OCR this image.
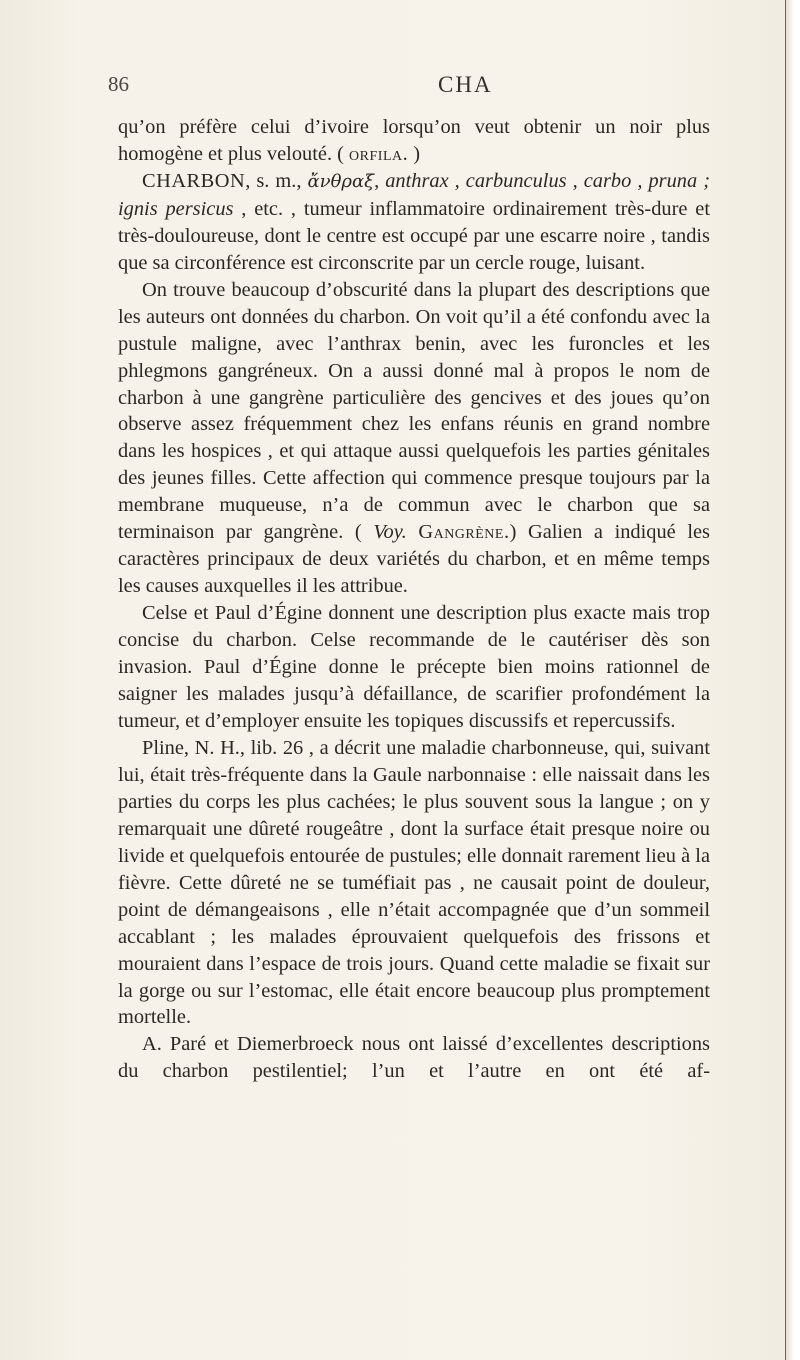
86	CHA

qu’on préfère celui d’ivoire lorsqu’on veut obtenir un noir plus homogène et plus velouté. ( orfila. )

CHARBON, s. m., ἄνθραξ, anthrax , carbunculus , carbo , pruna ; ignis persicus , etc. , tumeur inflammatoire ordinairement très-dure et très-douloureuse, dont le centre est occupé par une escarre noire , tandis que sa circonférence est circonscrite par un cercle rouge, luisant.

On trouve beaucoup d’obscurité dans la plupart des descriptions que les auteurs ont données du charbon. On voit qu’il a été confondu avec la pustule maligne, avec l’anthrax benin, avec les furoncles et les phlegmons gangréneux. On a aussi donné mal à propos le nom de charbon à une gangrène particulière des gencives et des joues qu’on observe assez fréquemment chez les enfans réunis en grand nombre dans les hospices , et qui attaque aussi quelquefois les parties génitales des jeunes filles. Cette affection qui commence presque toujours par la membrane muqueuse, n’a de commun avec le charbon que sa terminaison par gangrène. ( Voy. Gangrène.) Galien a indiqué les caractères principaux de deux variétés du charbon, et en même temps les causes auxquelles il les attribue.

Celse et Paul d’Égine donnent une description plus exacte mais trop concise du charbon. Celse recommande de le cautériser dès son invasion. Paul d’Égine donne le précepte bien moins rationnel de saigner les malades jusqu’à défaillance, de scarifier profondément la tumeur, et d’employer ensuite les topiques discussifs et repercussifs.

Pline, N. H., lib. 26 , a décrit une maladie charbonneuse, qui, suivant lui, était très-fréquente dans la Gaule narbonnaise : elle naissait dans les parties du corps les plus cachées; le plus souvent sous la langue ; on y remarquait une dûreté rougeâtre , dont la surface était presque noire ou livide et quelquefois entourée de pustules; elle donnait rarement lieu à la fièvre. Cette dûreté ne se tuméfiait pas , ne causait point de douleur, point de démangeaisons , elle n’était accompagnée que d’un sommeil accablant ; les malades éprouvaient quelquefois des frissons et mouraient dans l’espace de trois jours. Quand cette maladie se fixait sur la gorge ou sur l’estomac, elle était encore beaucoup plus promptement mortelle.

A. Paré et Diemerbroeck nous ont laissé d’excellentes descriptions du charbon pestilentiel; l’un et l’autre en ont été af-
